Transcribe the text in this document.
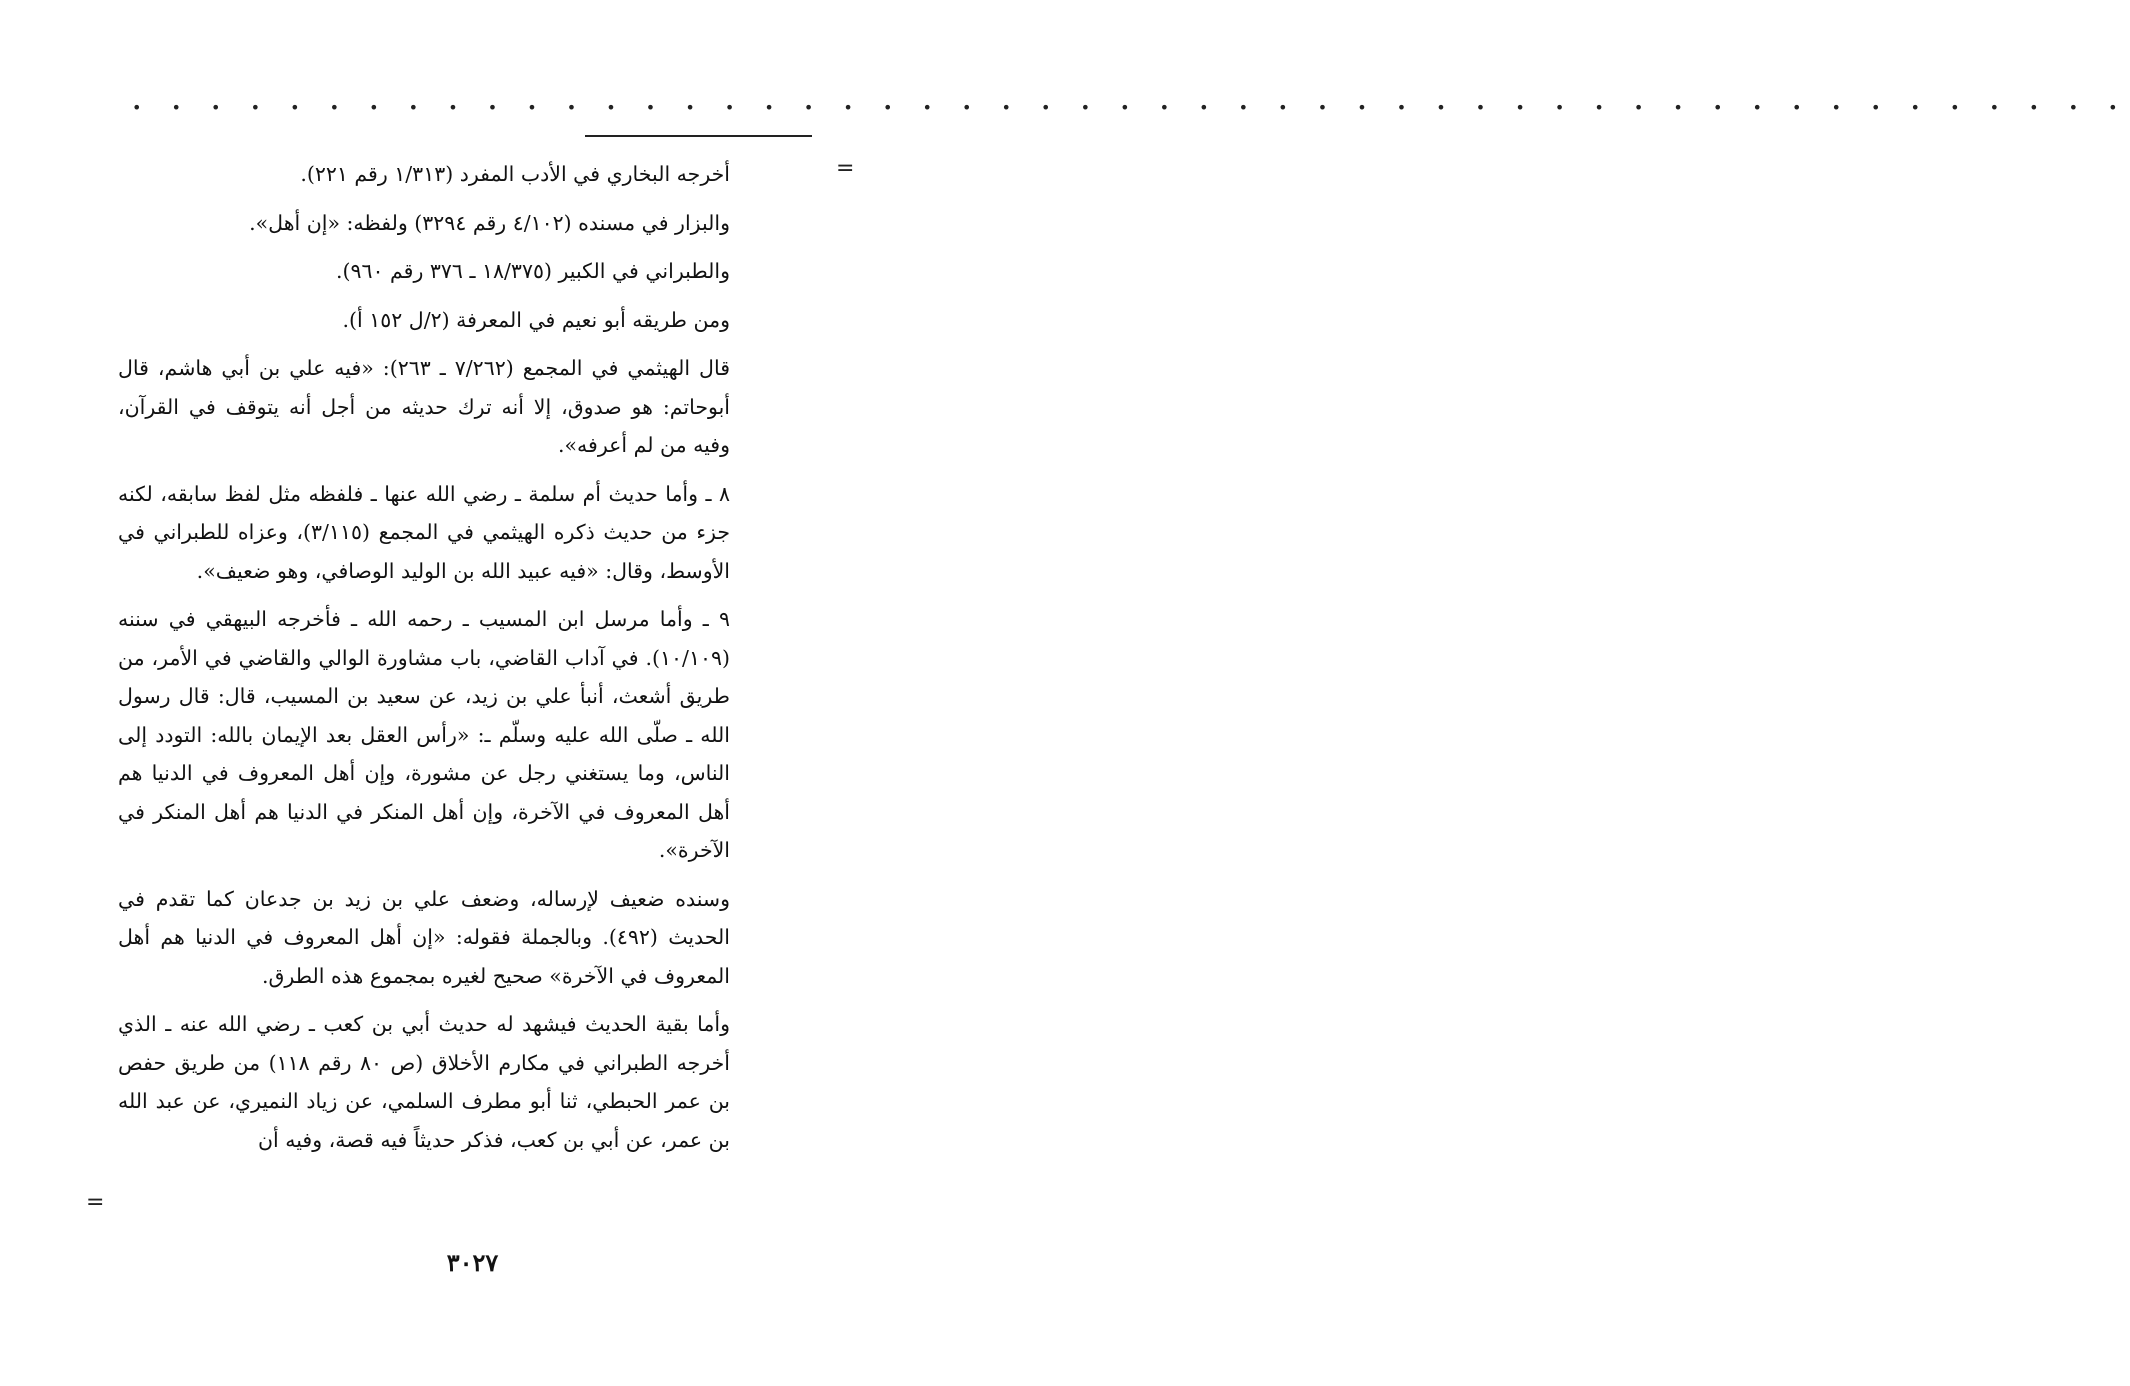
• • • • • • • • • • • • • • • • • • • • • • • • • • • • • • • • • • • • • • • • • • • • • • • • • • •
=
=

أخرجه البخاري في الأدب المفرد (١/٣١٣ رقم ٢٢١).

والبزار في مسنده (٤/١٠٢ رقم ٣٢٩٤) ولفظه: «إن أهل».

والطبراني في الكبير (١٨/٣٧٥ ـ ٣٧٦ رقم ٩٦٠).

ومن طريقه أبو نعيم في المعرفة (٢/ل ١٥٢ أ).

قال الهيثمي في المجمع (٧/٢٦٢ ـ ٢٦٣): «فيه علي بن أبي هاشم، قال أبوحاتم: هو صدوق، إلا أنه ترك حديثه من أجل أنه يتوقف في القرآن، وفيه من لم أعرفه».

٨ ـ وأما حديث أم سلمة ـ رضي الله عنها ـ فلفظه مثل لفظ سابقه، لكنه جزء من حديث ذكره الهيثمي في المجمع (٣/١١٥)، وعزاه للطبراني في الأوسط، وقال: «فيه عبيد الله بن الوليد الوصافي، وهو ضعيف».

٩ ـ وأما مرسل ابن المسيب ـ رحمه الله ـ فأخرجه البيهقي في سننه (١٠/١٠٩). في آداب القاضي، باب مشاورة الوالي والقاضي في الأمر، من طريق أشعث، أنبأ علي بن زيد، عن سعيد بن المسيب، قال: قال رسول الله ـ صلّى الله عليه وسلّم ـ: «رأس العقل بعد الإيمان بالله: التودد إلى الناس، وما يستغني رجل عن مشورة، وإن أهل المعروف في الدنيا هم أهل المعروف في الآخرة، وإن أهل المنكر في الدنيا هم أهل المنكر في الآخرة».

وسنده ضعيف لإرساله، وضعف علي بن زيد بن جدعان كما تقدم في الحديث (٤٩٢). وبالجملة فقوله: «إن أهل المعروف في الدنيا هم أهل المعروف في الآخرة» صحيح لغيره بمجموع هذه الطرق.

وأما بقية الحديث فيشهد له حديث أبي بن كعب ـ رضي الله عنه ـ الذي أخرجه الطبراني في مكارم الأخلاق (ص ٨٠ رقم ١١٨) من طريق حفص بن عمر الحبطي، ثنا أبو مطرف السلمي، عن زياد النميري، عن عبد الله بن عمر، عن أبي بن كعب، فذكر حديثاً فيه قصة، وفيه أن

٣٠٢٧
